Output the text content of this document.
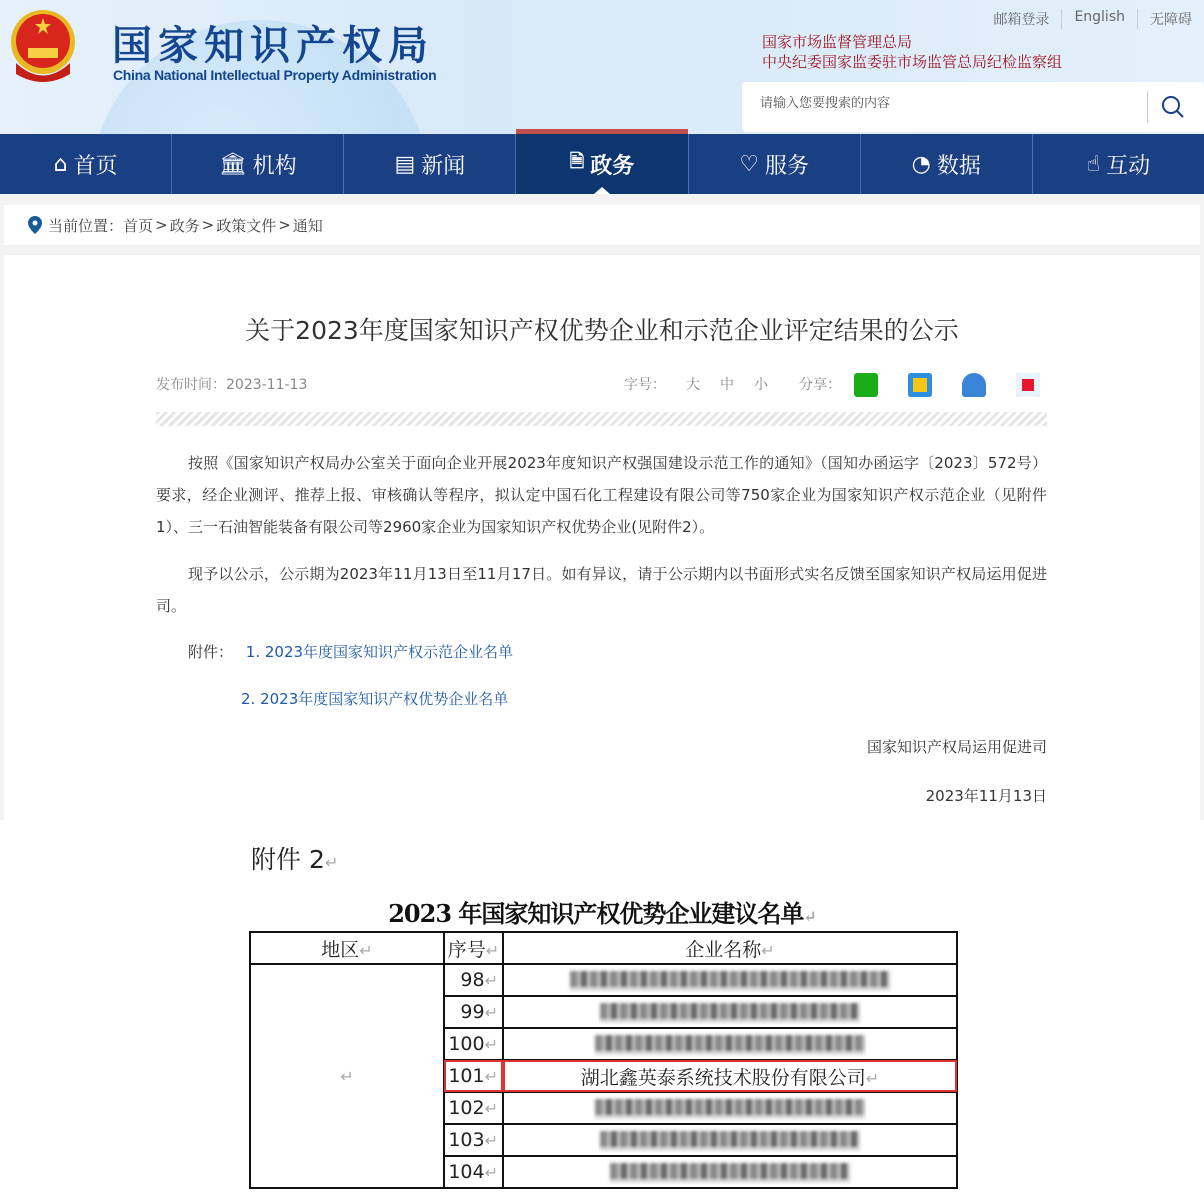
国家知识产权局
China National Intellectual Property Administration
邮箱登录	English	无障碍
国家市场监督管理总局
中央纪委国家监委驻市场监管总局纪检监察组
请输入您要搜索的内容
⌂ 首页	🏛︎ 机构	▤ 新闻	🗎︎ 政务	♡ 服务	◔ 数据	☝ 互动
当前位置： 首页 > 政务 > 政策文件 > 通知
关于2023年度国家知识产权优势企业和示范企业评定结果的公示
发布时间：2023-11-13	字号： 大 中 小 分享：

按照《国家知识产权局办公室关于面向企业开展2023年度知识产权强国建设示范工作的通知》（国知办函运字〔2023〕572号）要求，经企业测评、推荐上报、审核确认等程序，拟认定中国石化工程建设有限公司等750家企业为国家知识产权示范企业（见附件1）、三一石油智能装备有限公司等2960家企业为国家知识产权优势企业(见附件2）。

现予以公示，公示期为2023年11月13日至11月17日。如有异议，请于公示期内以书面形式实名反馈至国家知识产权局运用促进司。

附件： 1. 2023年度国家知识产权示范企业名单
2. 2023年度国家知识产权优势企业名单
国家知识产权局运用促进司
2023年11月13日
附件 2↵
2023 年国家知识产权优势企业建议名单↵
地区↵	序号↵	企业名称↵
↵	98↵	
	99↵	
	100↵	
	101↵	湖北鑫英泰系统技术股份有限公司↵
	102↵	
	103↵	
	104↵	
